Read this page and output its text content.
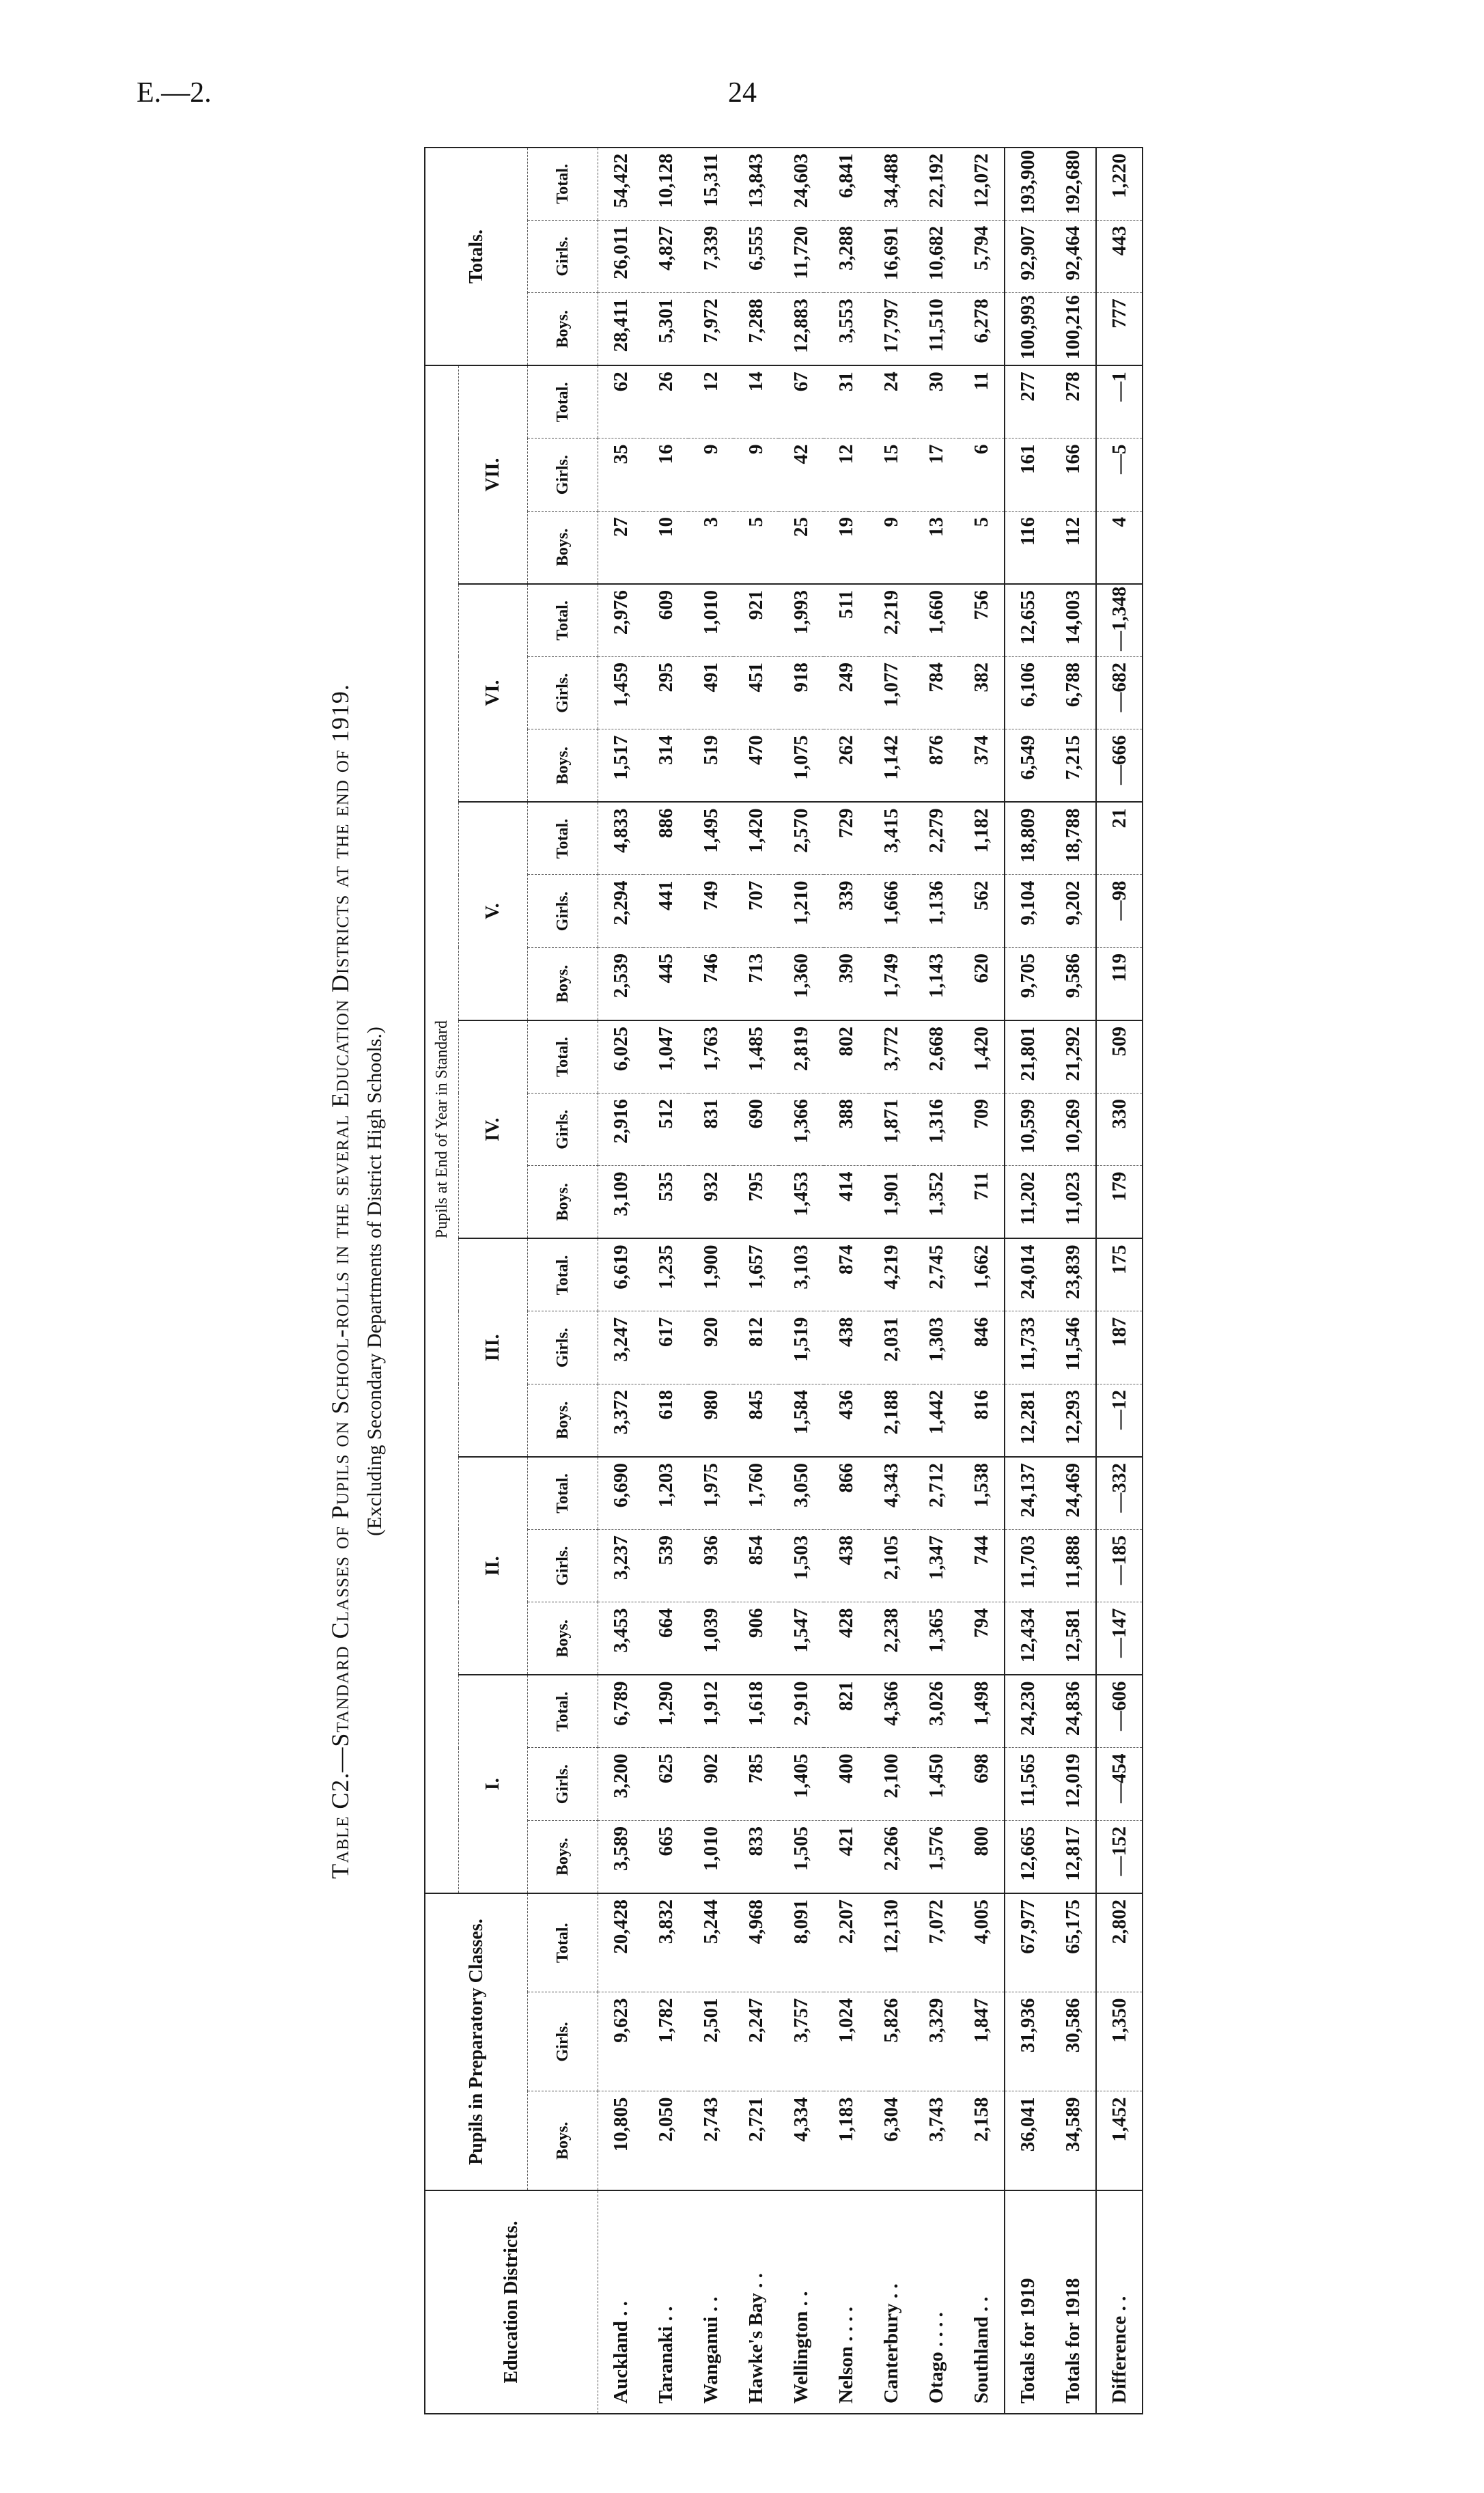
E.—2.	24
Table C2.—Standard Classes of Pupils on School-rolls in the several Education Districts at the end of 1919. (Excluding Secondary Departments of District High Schools.)
Education Districts.	Pupils in Preparatory Classes.			Pupils at End of Year in Standard																					Totals.		
				I.			II.			III.			IV.			V.			VI.			VII.					
	Boys.	Girls.	Total.	Boys.	Girls.	Total.	Boys.	Girls.	Total.	Boys.	Girls.	Total.	Boys.	Girls.	Total.	Boys.	Girls.	Total.	Boys.	Girls.	Total.	Boys.	Girls.	Total.	Boys.	Girls.	Total.
Auckland . .	10,805	9,623	20,428	3,589	3,200	6,789	3,453	3,237	6,690	3,372	3,247	6,619	3,109	2,916	6,025	2,539	2,294	4,833	1,517	1,459	2,976	27	35	62	28,411	26,011	54,422
Taranaki . .	2,050	1,782	3,832	665	625	1,290	664	539	1,203	618	617	1,235	535	512	1,047	445	441	886	314	295	609	10	16	26	5,301	4,827	10,128
Wanganui . .	2,743	2,501	5,244	1,010	902	1,912	1,039	936	1,975	980	920	1,900	932	831	1,763	746	749	1,495	519	491	1,010	3	9	12	7,972	7,339	15,311
Hawke's Bay . .	2,721	2,247	4,968	833	785	1,618	906	854	1,760	845	812	1,657	795	690	1,485	713	707	1,420	470	451	921	5	9	14	7,288	6,555	13,843
Wellington . .	4,334	3,757	8,091	1,505	1,405	2,910	1,547	1,503	3,050	1,584	1,519	3,103	1,453	1,366	2,819	1,360	1,210	2,570	1,075	918	1,993	25	42	67	12,883	11,720	24,603
Nelson . . . .	1,183	1,024	2,207	421	400	821	428	438	866	436	438	874	414	388	802	390	339	729	262	249	511	19	12	31	3,553	3,288	6,841
Canterbury . .	6,304	5,826	12,130	2,266	2,100	4,366	2,238	2,105	4,343	2,188	2,031	4,219	1,901	1,871	3,772	1,749	1,666	3,415	1,142	1,077	2,219	9	15	24	17,797	16,691	34,488
Otago . . . .	3,743	3,329	7,072	1,576	1,450	3,026	1,365	1,347	2,712	1,442	1,303	2,745	1,352	1,316	2,668	1,143	1,136	2,279	876	784	1,660	13	17	30	11,510	10,682	22,192
Southland . .	2,158	1,847	4,005	800	698	1,498	794	744	1,538	816	846	1,662	711	709	1,420	620	562	1,182	374	382	756	5	6	11	6,278	5,794	12,072
Totals for 1919	36,041	31,936	67,977	12,665	11,565	24,230	12,434	11,703	24,137	12,281	11,733	24,014	11,202	10,599	21,801	9,705	9,104	18,809	6,549	6,106	12,655	116	161	277	100,993	92,907	193,900
Totals for 1918	34,589	30,586	65,175	12,817	12,019	24,836	12,581	11,888	24,469	12,293	11,546	23,839	11,023	10,269	21,292	9,586	9,202	18,788	7,215	6,788	14,003	112	166	278	100,216	92,464	192,680
Difference . .	1,452	1,350	2,802	—152	—454	—606	—147	—185	—332	—12	187	175	179	330	509	119	—98	21	—666	—682	—1,348	4	—5	—1	777	443	1,220
